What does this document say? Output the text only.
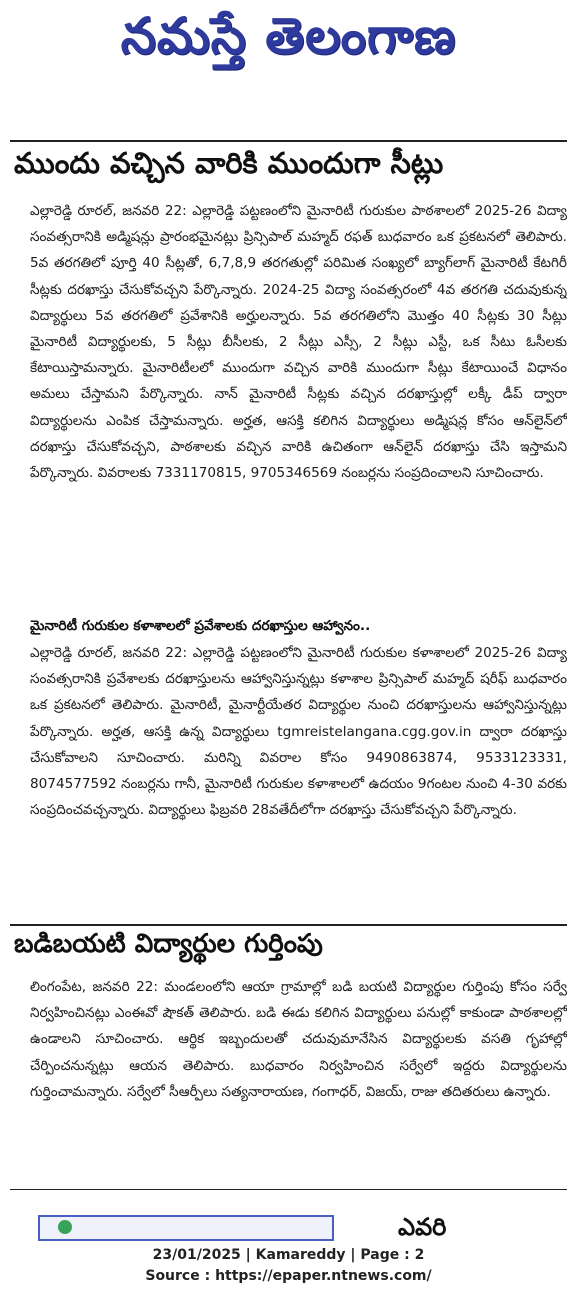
నమస్తే తెలంగాణ
ముందు వచ్చిన వారికి ముందుగా సీట్లు
ఎల్లారెడ్డి రూరల్, జనవరి 22: ఎల్లారెడ్డి పట్టణంలోని మైనారిటీ గురుకుల పాఠశాలలో 2025-26 విద్యా సంవత్సరానికి అడ్మిషన్లు ప్రారంభమైనట్లు ప్రిన్సిపాల్ మహ్మద్ రఫత్ బుధవారం ఒక ప్రకటనలో తెలిపారు. 5వ తరగతిలో పూర్తి 40 సీట్లతో, 6,7,8,9 తరగతుల్లో పరిమిత సంఖ్యలో బ్యాగ్‌లాగ్ మైనారిటీ కేటగిరీ సీట్లకు దరఖాస్తు చేసుకోవచ్చని పేర్కొన్నారు. 2024-25 విద్యా సంవత్సరంలో 4వ తరగతి చదువుకున్న విద్యార్థులు 5వ తరగతిలో ప్రవేశానికి అర్హులన్నారు. 5వ తరగతిలోని మొత్తం 40 సీట్లకు 30 సీట్లు మైనారిటీ విద్యార్థులకు, 5 సీట్లు బీసీలకు, 2 సీట్లు ఎస్సీ, 2 సీట్లు ఎస్టీ, ఒక సీటు ఓసీలకు కేటాయిస్తామన్నారు. మైనారిటీలలో ముందుగా వచ్చిన వారికి ముందుగా సీట్లు కేటాయించే విధానం అమలు చేస్తామని పేర్కొన్నారు. నాన్ మైనారిటీ సీట్లకు వచ్చిన దరఖాస్తుల్లో లక్కీ డీప్ ద్వారా విద్యార్థులను ఎంపిక చేస్తామన్నారు. అర్హత, ఆసక్తి కలిగిన విద్యార్థులు అడ్మిషన్ల కోసం ఆన్‌లైన్‌లో దరఖాస్తు చేసుకోవచ్చని, పాఠశాలకు వచ్చిన వారికి ఉచితంగా ఆన్‌లైన్ దరఖాస్తు చేసి ఇస్తామని పేర్కొన్నారు. వివరాలకు 7331170815, 9705346569 నంబర్లను సంప్రదించాలని సూచించారు.
మైనారిటీ గురుకుల కళాశాలలో ప్రవేశాలకు దరఖాస్తుల ఆహ్వానం..
ఎల్లారెడ్డి రూరల్, జనవరి 22: ఎల్లారెడ్డి పట్టణంలోని మైనారిటీ గురుకుల కళాశాలలో 2025-26 విద్యా సంవత్సరానికి ప్రవేశాలకు దరఖాస్తులను ఆహ్వానిస్తున్నట్లు కళాశాల ప్రిన్సిపాల్ మహ్మద్ షరీఫ్ బుధవారం ఒక ప్రకటనలో తెలిపారు. మైనారిటీ, మైనార్టీయేతర విద్యార్థుల నుంచి దరఖాస్తులను ఆహ్వానిస్తున్నట్లు పేర్కొన్నారు. అర్హత, ఆసక్తి ఉన్న విద్యార్థులు tgmreistelangana.cgg.gov.in ద్వారా దరఖాస్తు చేసుకోవాలని సూచించారు. మరిన్ని వివరాల కోసం 9490863874, 9533123331, 8074577592 నంబర్లను గానీ, మైనారిటీ గురుకుల కళాశాలలో ఉదయం 9గంటల నుంచి 4-30 వరకు సంప్రదించవచ్చన్నారు. విద్యార్థులు ఫిబ్రవరి 28వతేదీలోగా దరఖాస్తు చేసుకోవచ్చని పేర్కొన్నారు.
బడిబయటి విద్యార్థుల గుర్తింపు
లింగంపేట, జనవరి 22: మండలంలోని ఆయా గ్రామాల్లో బడి బయటి విద్యార్థుల గుర్తింపు కోసం సర్వే నిర్వహించినట్లు ఎంఈవో షౌకత్ తెలిపారు. బడి ఈడు కలిగిన విద్యార్థులు పనుల్లో కాకుండా పాఠశాలల్లో ఉండాలని సూచించారు. ఆర్థిక ఇబ్బందులతో చదువుమానేసిన విద్యార్థులకు వసతి గృహాల్లో చేర్పించనున్నట్లు ఆయన తెలిపారు. బుధవారం నిర్వహించిన సర్వేలో ఇద్దరు విద్యార్థులను గుర్తించామన్నారు. సర్వేలో సీఆర్పీలు సత్యనారాయణ, గంగాధర్, విజయ్, రాజు తదితరులు ఉన్నారు.
ఎవరి
23/01/2025 | Kamareddy | Page : 2
Source : https://epaper.ntnews.com/
